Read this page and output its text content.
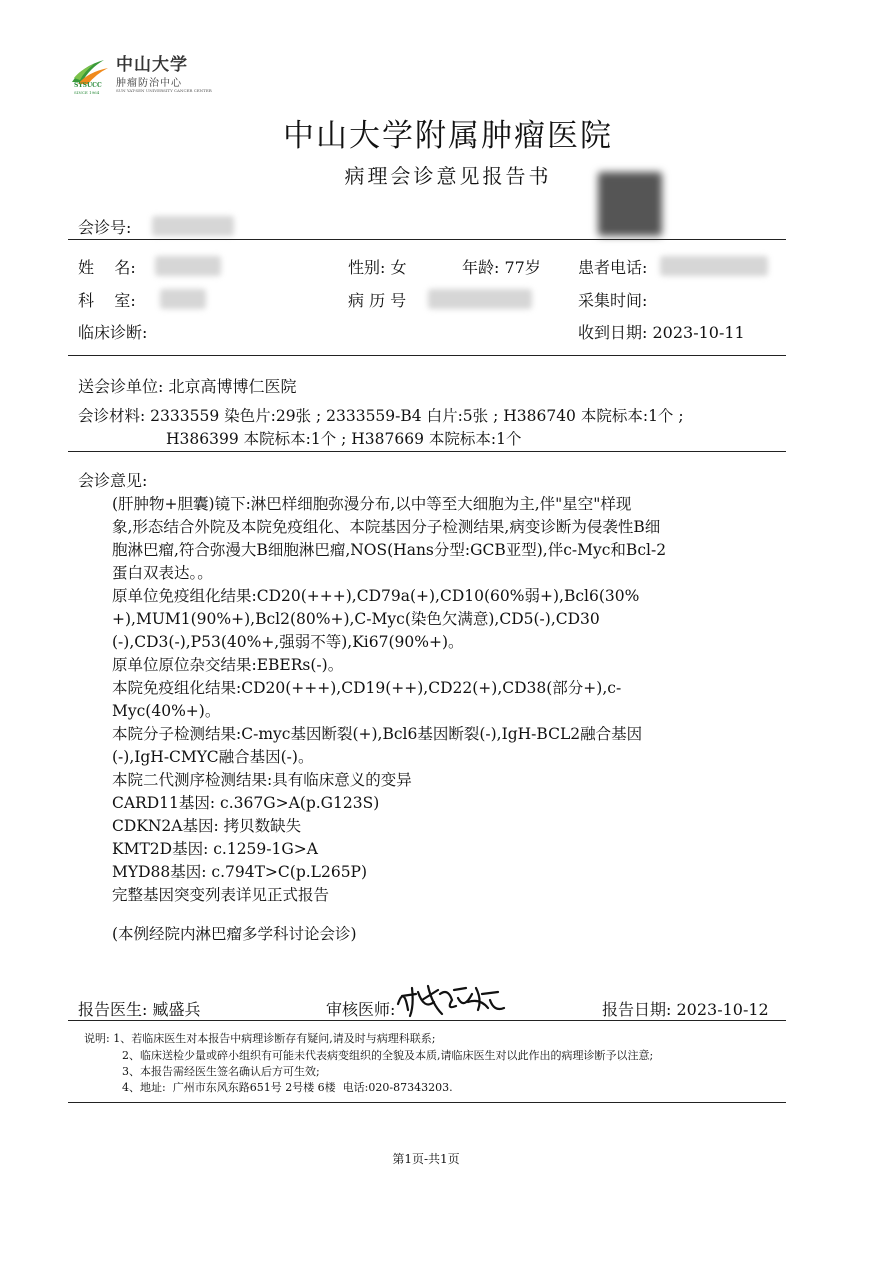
SYSUCC
SINCE 1964
中山大学
肿瘤防治中心
SUN YAT-SEN UNIVERSITY CANCER CENTER
中山大学附属肿瘤医院
病理会诊意见报告书
会诊号:
姓    名:	性别: 女	年龄: 77岁 患者电话:
科    室:	病 历 号	采集时间:
临床诊断:	收到日期: 2023-10-11
送会诊单位: 北京高博博仁医院
会诊材料: 2333559 染色片:29张 ; 2333559-B4 白片:5张 ; H386740 本院标本:1个 ;
H386399 本院标本:1个 ; H387669 本院标本:1个
会诊意见:
(肝肿物+胆囊)镜下:淋巴样细胞弥漫分布,以中等至大细胞为主,伴"星空"样现
象,形态结合外院及本院免疫组化、本院基因分子检测结果,病变诊断为侵袭性B细
胞淋巴瘤,符合弥漫大B细胞淋巴瘤,NOS(Hans分型:GCB亚型),伴c-Myc和Bcl-2
蛋白双表达。。
原单位免疫组化结果:CD20(+++),CD79a(+),CD10(60%弱+),Bcl6(30%
+),MUM1(90%+),Bcl2(80%+),C-Myc(染色欠满意),CD5(-),CD30
(-),CD3(-),P53(40%+,强弱不等),Ki67(90%+)。
原单位原位杂交结果:EBERs(-)。
本院免疫组化结果:CD20(+++),CD19(++),CD22(+),CD38(部分+),c-
Myc(40%+)。
本院分子检测结果:C-myc基因断裂(+),Bcl6基因断裂(-),IgH-BCL2融合基因
(-),IgH-CMYC融合基因(-)。
本院二代测序检测结果:具有临床意义的变异
CARD11基因: c.367G>A(p.G123S)
CDKN2A基因: 拷贝数缺失
KMT2D基因: c.1259-1G>A
MYD88基因: c.794T>C(p.L265P)
完整基因突变列表详见正式报告
(本例经院内淋巴瘤多学科讨论会诊)
报告医生: 臧盛兵	审核医师:	报告日期: 2023-10-12
说明: 1、若临床医生对本报告中病理诊断存有疑问,请及时与病理科联系;
2、临床送检少量或碎小组织有可能未代表病变组织的全貌及本质,请临床医生对以此作出的病理诊断予以注意;
3、本报告需经医生签名确认后方可生效;
4、地址:  广州市东风东路651号 2号楼 6楼  电话:020-87343203.
第1页-共1页
